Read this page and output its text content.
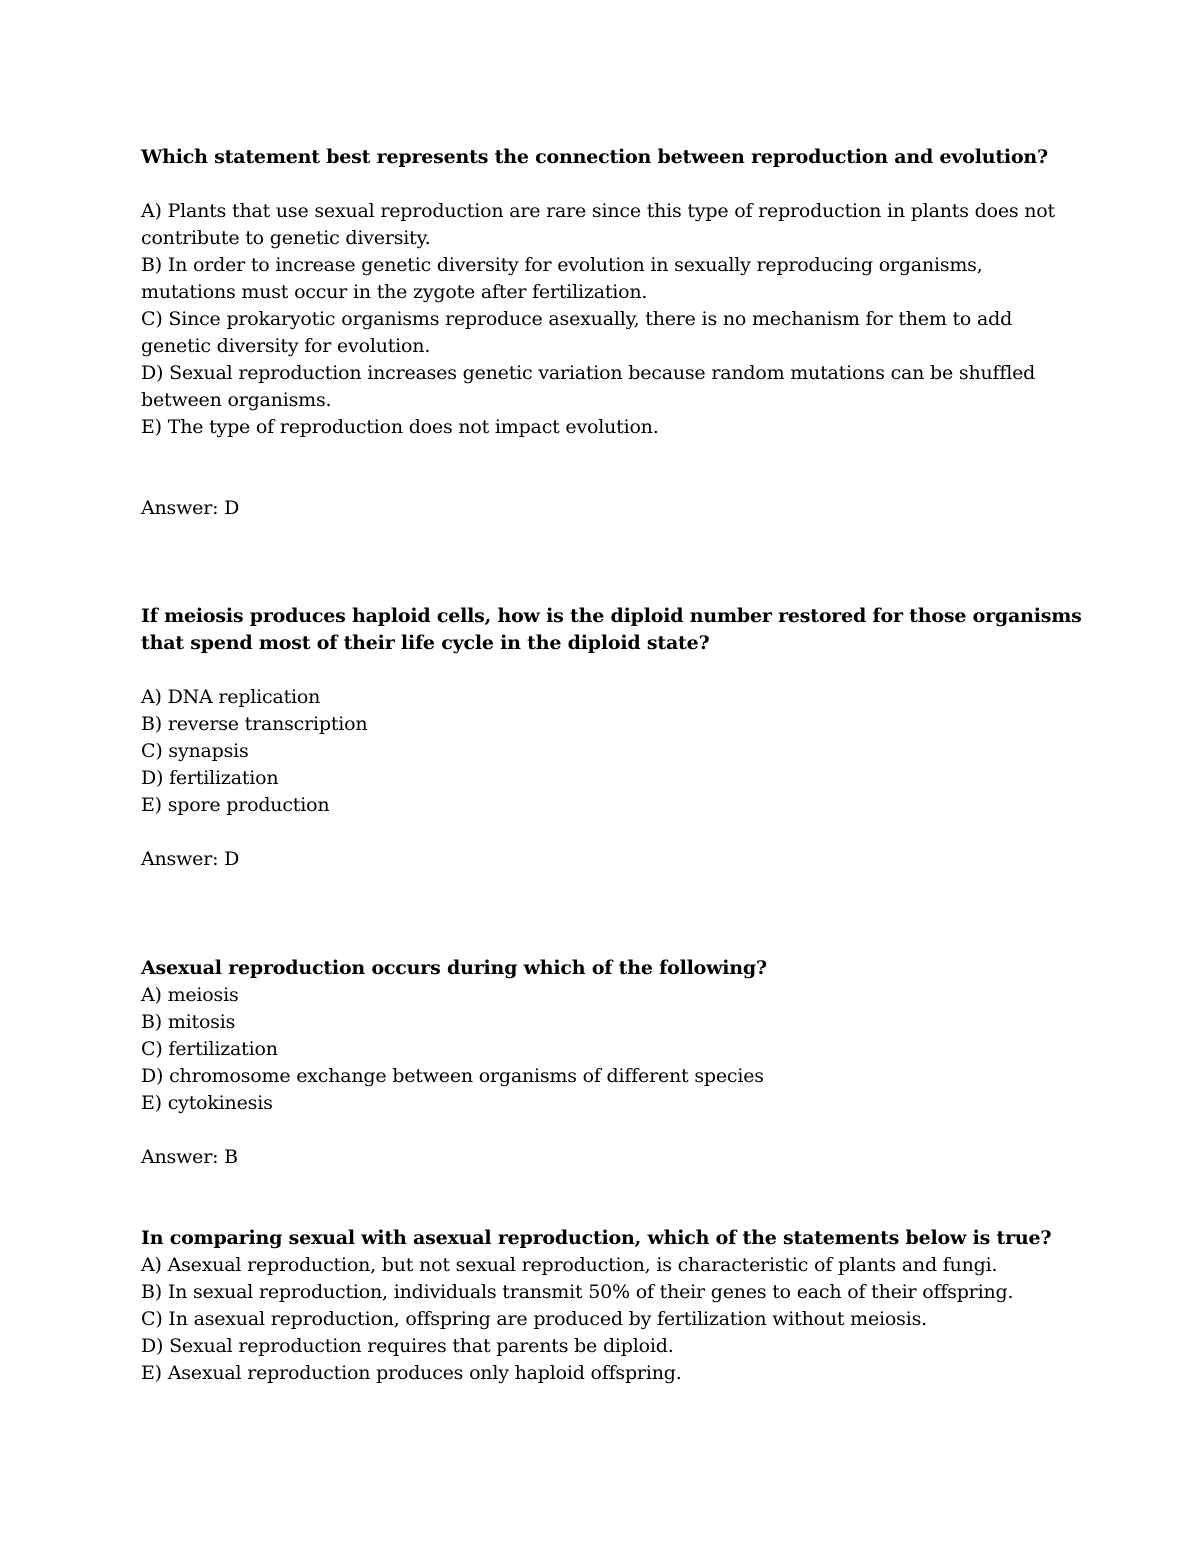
Which statement best represents the connection between reproduction and evolution?
A) Plants that use sexual reproduction are rare since this type of reproduction in plants does not
contribute to genetic diversity.
B) In order to increase genetic diversity for evolution in sexually reproducing organisms,
mutations must occur in the zygote after fertilization.
C) Since prokaryotic organisms reproduce asexually, there is no mechanism for them to add
genetic diversity for evolution.
D) Sexual reproduction increases genetic variation because random mutations can be shuffled
between organisms.
E) The type of reproduction does not impact evolution.
Answer: D
If meiosis produces haploid cells, how is the diploid number restored for those organisms
that spend most of their life cycle in the diploid state?
A) DNA replication
B) reverse transcription
C) synapsis
D) fertilization
E) spore production
Answer: D
Asexual reproduction occurs during which of the following?
A) meiosis
B) mitosis
C) fertilization
D) chromosome exchange between organisms of different species
E) cytokinesis
Answer: B
In comparing sexual with asexual reproduction, which of the statements below is true?
A) Asexual reproduction, but not sexual reproduction, is characteristic of plants and fungi.
B) In sexual reproduction, individuals transmit 50% of their genes to each of their offspring.
C) In asexual reproduction, offspring are produced by fertilization without meiosis.
D) Sexual reproduction requires that parents be diploid.
E) Asexual reproduction produces only haploid offspring.
